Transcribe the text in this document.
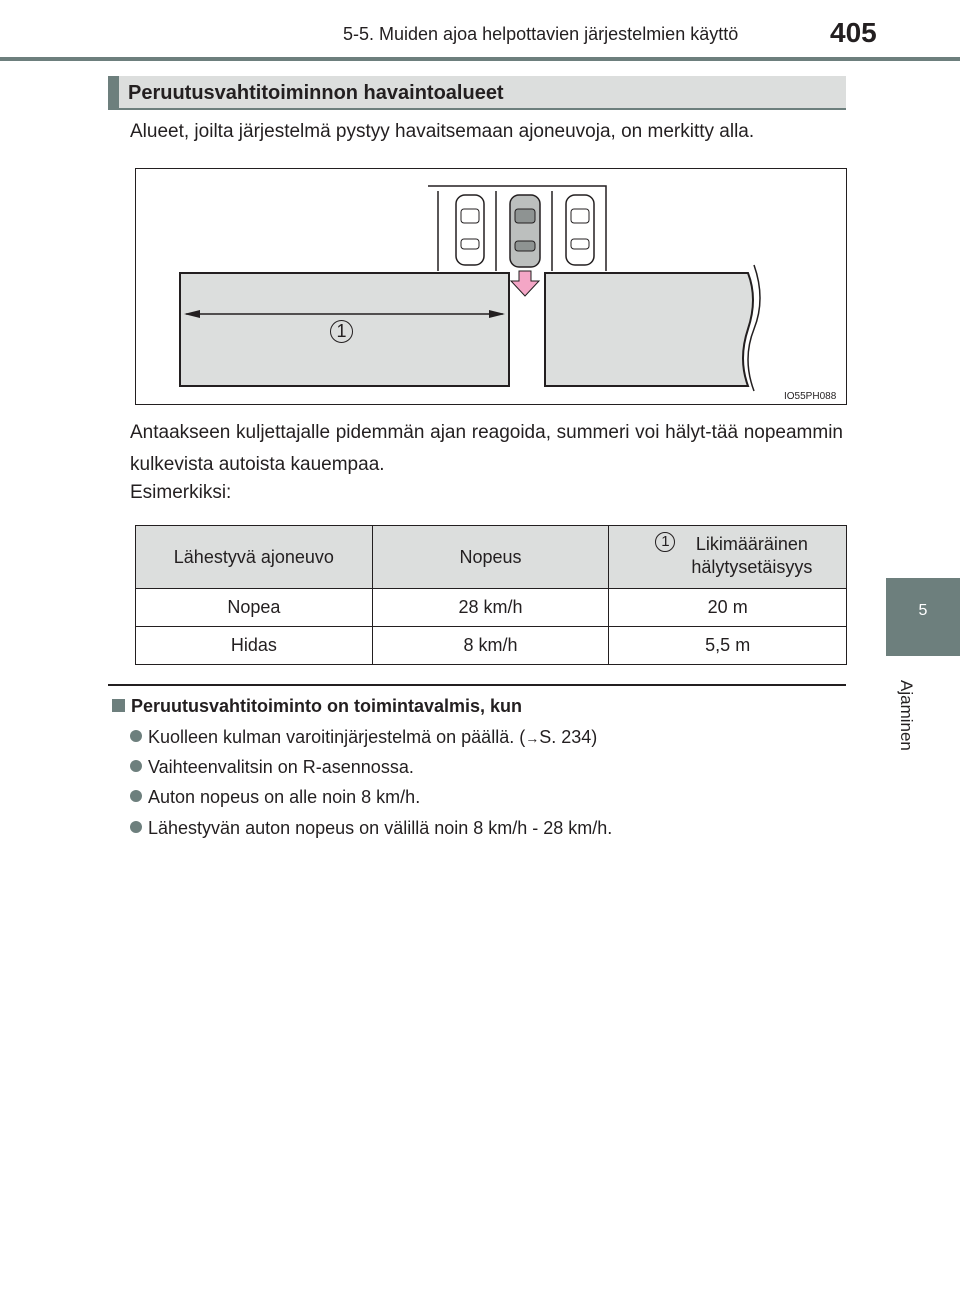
5-5. Muiden ajoa helpottavien järjestelmien käyttö	405
5
Ajaminen
Peruutusvahtitoiminnon havaintoalueet
Alueet, joilta järjestelmä pystyy havaitsemaan ajoneuvoja, on merkitty alla.
1
IO55PH088
Antaakseen kuljettajalle pidemmän ajan reagoida, summeri voi hälyt-tää nopeammin kulkevista autoista kauempaa.
Esimerkiksi:
Lähestyvä ajoneuvo	Nopeus	1 Likimääräinen
hälytysetäisyys

Nopea	28 km/h	20 m
Hidas	8 km/h	5,5 m
Peruutusvahtitoiminto on toimintavalmis, kun
Kuolleen kulman varoitinjärjestelmä on päällä. (→S. 234)
Vaihteenvalitsin on R-asennossa.
Auton nopeus on alle noin 8 km/h.
Lähestyvän auton nopeus on välillä noin 8 km/h - 28 km/h.
